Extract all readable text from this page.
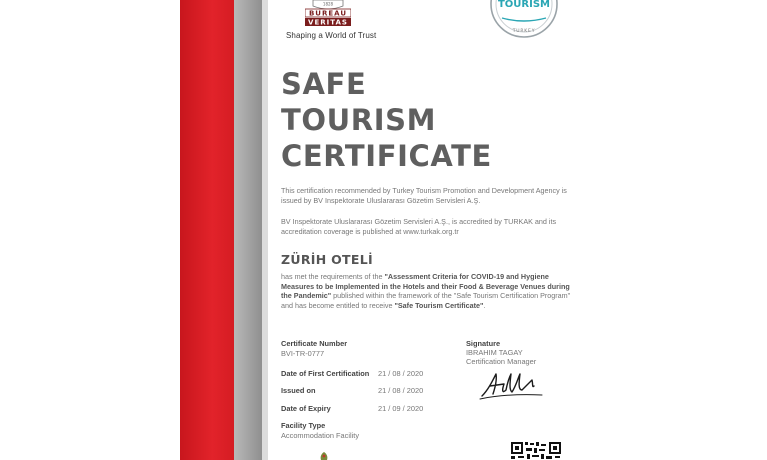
1828
BUREAU
VERITAS
Shaping a World of Trust
TOURISM
TURKEY
SAFE
TOURISM
CERTIFICATE

This certification recommended by Turkey Tourism Promotion and Development Agency is issued by BV Inspektorate Uluslararası Gözetim Servisleri A.Ş.

BV Inspektorate Uluslararası Gözetim Servisleri A.Ş., is accredited by TURKAK and its accreditation coverage is published at www.turkak.org.tr

ZÜRİH OTELİ

has met the requirements of the "Assessment Criteria for COVID-19 and Hygiene Measures to be Implemented in the Hotels and their Food & Beverage Venues during the Pandemic" published within the framework of the "Safe Tourism Certification Program" and has become entitled to receive "Safe Tourism Certificate".

Certificate Number
BVI-TR-0777
Date of First Certification 21 / 08 / 2020
Issued on	21 / 08 / 2020
Date of Expiry	21 / 09 / 2020
Facility Type
Accommodation Facility
Signature
IBRAHIM TAGAY
Certification Manager
